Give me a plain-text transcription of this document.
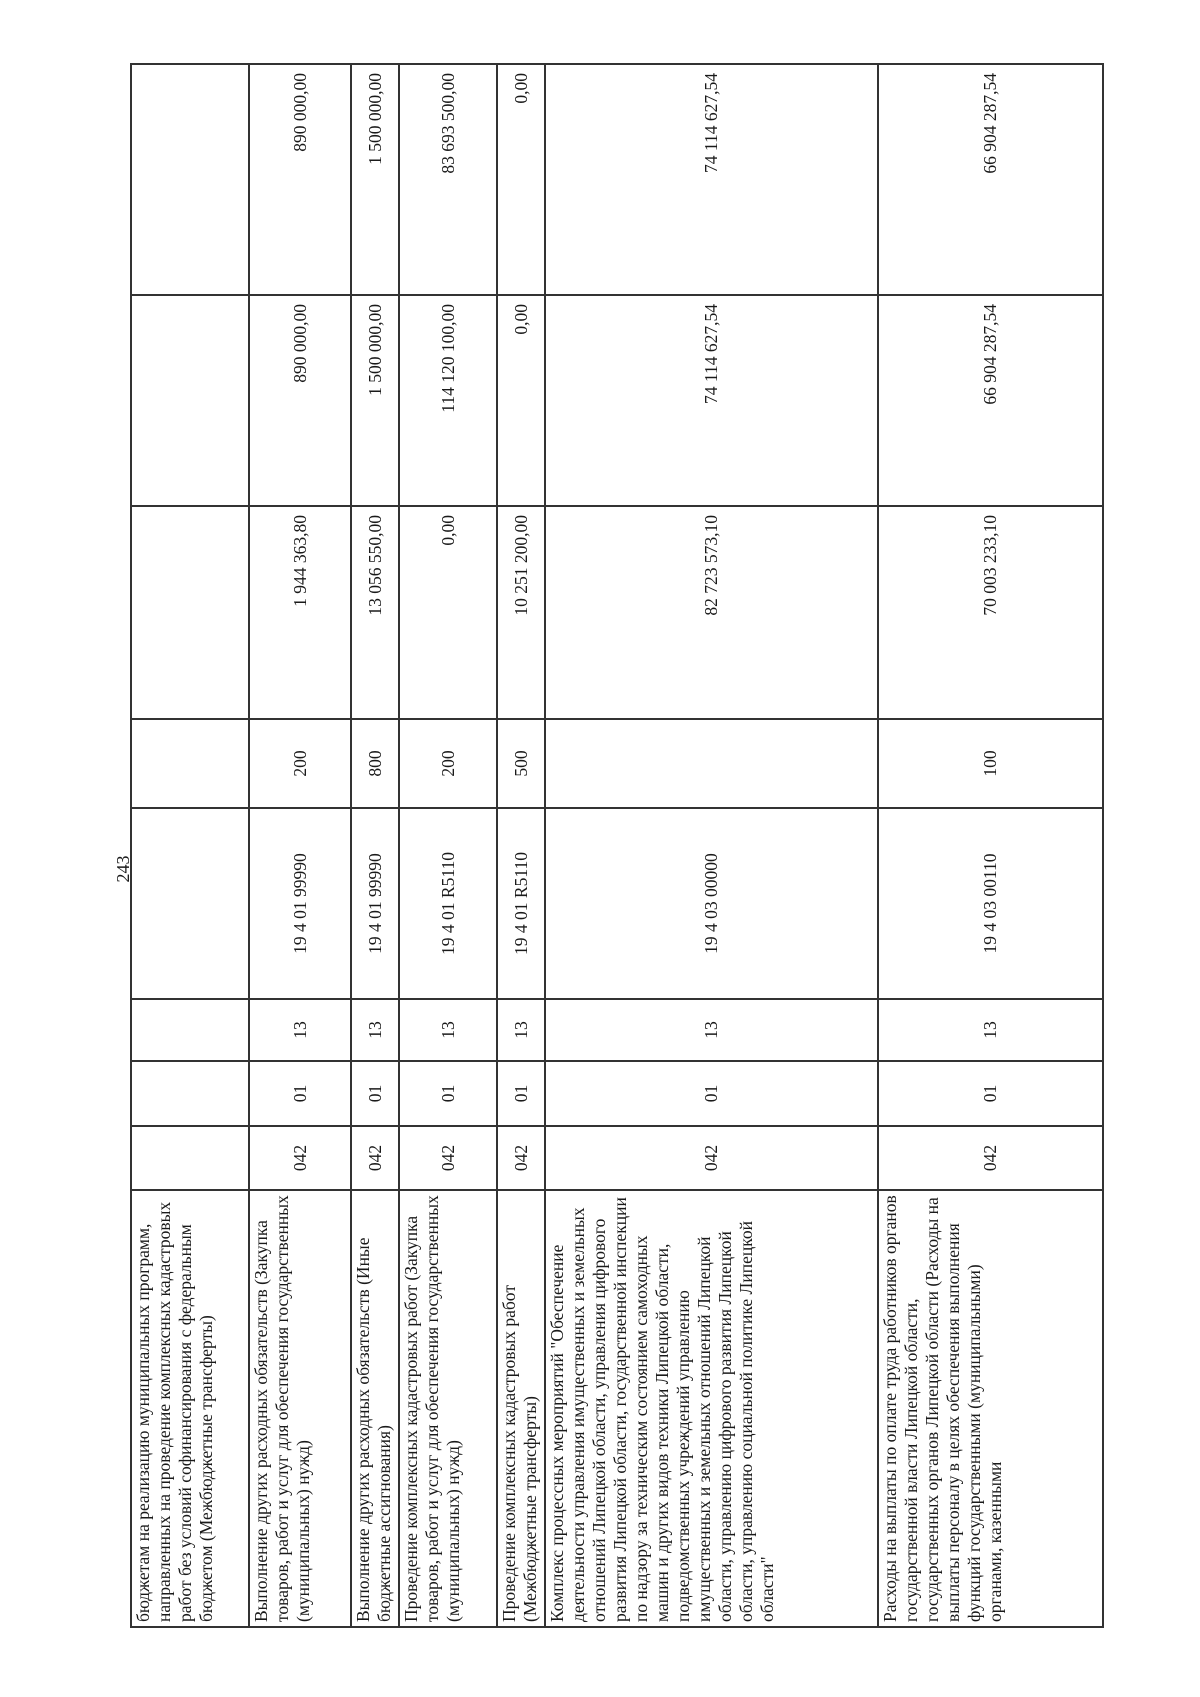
243
бюджетам на реализацию муниципальных программ, направленных на проведение комплексных кадастровых работ без условий софинансирования с федеральным бюджетом (Межбюджетные трансферты)								
Выполнение других расходных обязательств (Закупка товаров, работ и услуг для обеспечения государственных (муниципальных) нужд)	042	01	13	19 4 01 99990	200	1 944 363,80	890 000,00	890 000,00
Выполнение других расходных обязательств (Иные бюджетные ассигнования)	042	01	13	19 4 01 99990	800	13 056 550,00	1 500 000,00	1 500 000,00
Проведение комплексных кадастровых работ (Закупка товаров, работ и услуг для обеспечения государственных (муниципальных) нужд)	042	01	13	19 4 01 R5110	200	0,00	114 120 100,00	83 693 500,00
Проведение комплексных кадастровых работ (Межбюджетные трансферты)	042	01	13	19 4 01 R5110	500	10 251 200,00	0,00	0,00
Комплекс процессных мероприятий "Обеспечение деятельности управления имущественных и земельных отношений Липецкой области, управления цифрового развития Липецкой области, государственной инспекции по надзору за техническим состоянием самоходных машин и других видов техники Липецкой области, подведомственных учреждений управлению имущественных и земельных отношений Липецкой области, управлению цифрового развития Липецкой области, управлению социальной политике Липецкой области"	042	01	13	19 4 03 00000		82 723 573,10	74 114 627,54	74 114 627,54
Расходы на выплаты по оплате труда работников органов государственной власти Липецкой области, государственных органов Липецкой области (Расходы на выплаты персоналу в целях обеспечения выполнения функций государственными (муниципальными) органами, казенными	042	01	13	19 4 03 00110	100	70 003 233,10	66 904 287,54	66 904 287,54
